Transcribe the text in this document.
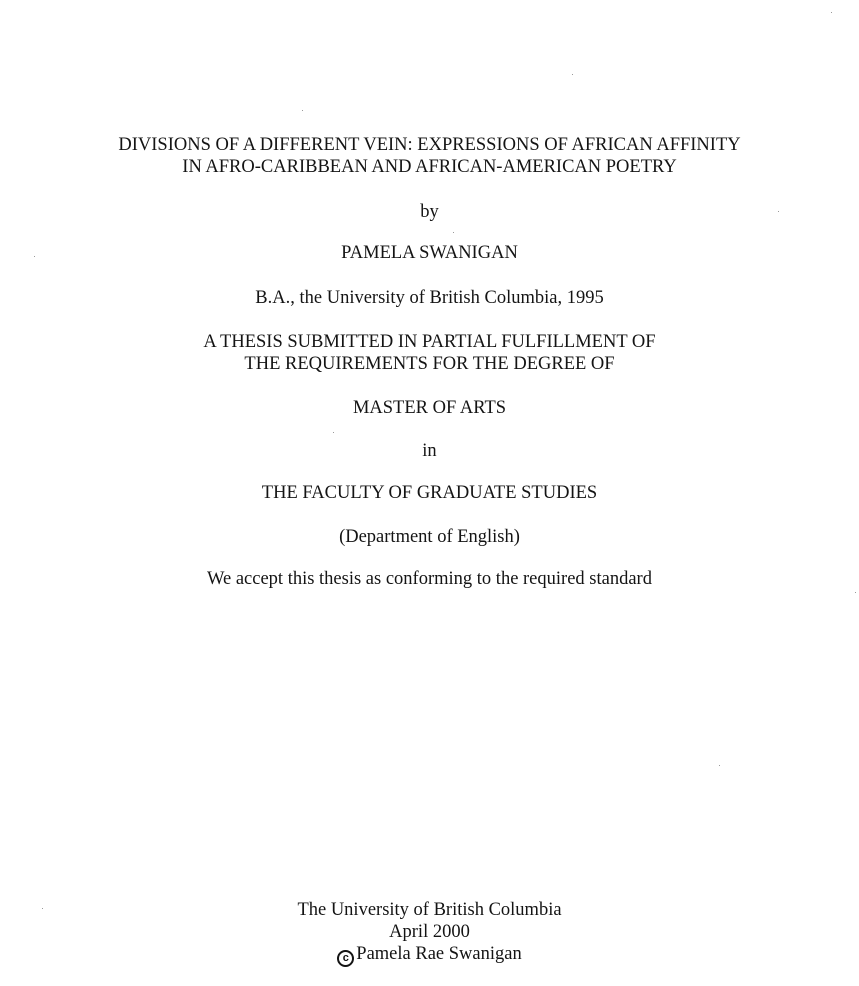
DIVISIONS OF A DIFFERENT VEIN: EXPRESSIONS OF AFRICAN AFFINITY
IN AFRO-CARIBBEAN AND AFRICAN-AMERICAN POETRY
by
PAMELA SWANIGAN
B.A., the University of British Columbia, 1995
A THESIS SUBMITTED IN PARTIAL FULFILLMENT OF
THE REQUIREMENTS FOR THE DEGREE OF
MASTER OF ARTS
in
THE FACULTY OF GRADUATE STUDIES
(Department of English)
We accept this thesis as conforming to the required standard
The University of British Columbia
April 2000
c Pamela Rae Swanigan
